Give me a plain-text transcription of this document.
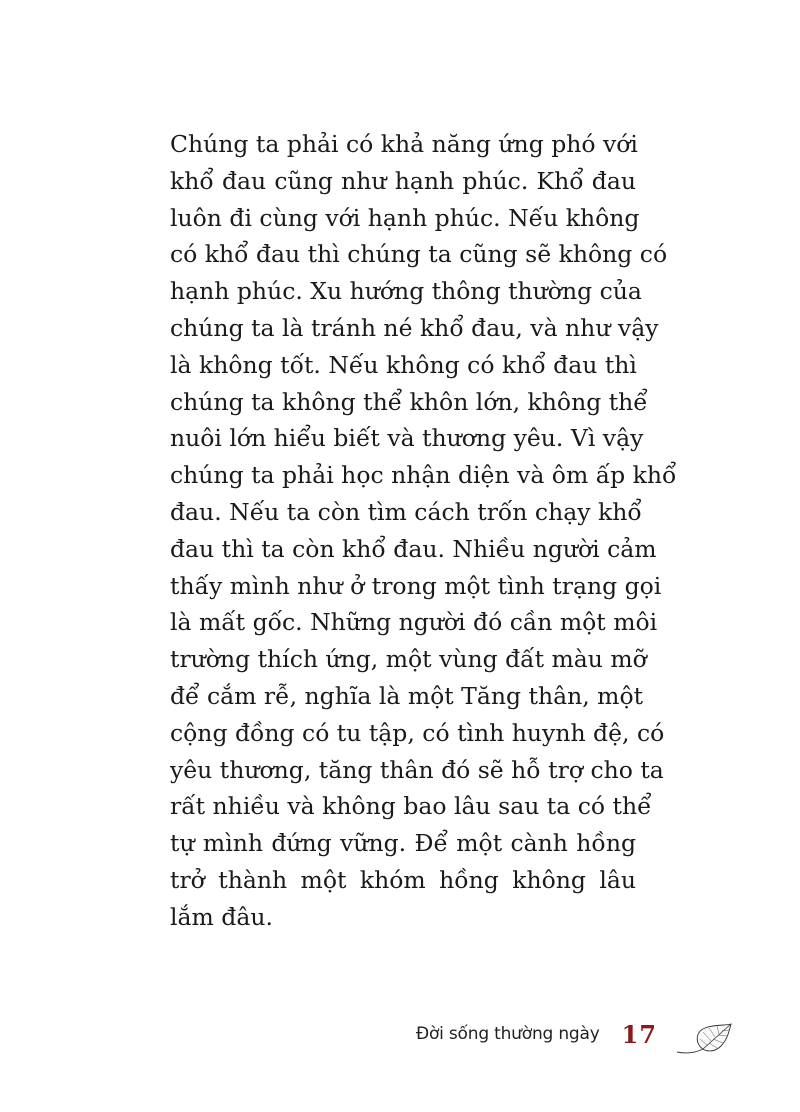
Chúng ta phải có khả năng ứng phó với
khổ đau cũng như hạnh phúc. Khổ đau
luôn đi cùng với hạnh phúc. Nếu không
có khổ đau thì chúng ta cũng sẽ không có
hạnh phúc. Xu hướng thông thường của
chúng ta là tránh né khổ đau, và như vậy
là không tốt. Nếu không có khổ đau thì
chúng ta không thể khôn lớn, không thể
nuôi lớn hiểu biết và thương yêu. Vì vậy
chúng ta phải học nhận diện và ôm ấp khổ
đau. Nếu ta còn tìm cách trốn chạy khổ
đau thì ta còn khổ đau. Nhiều người cảm
thấy mình như ở trong một tình trạng gọi
là mất gốc. Những người đó cần một môi
trường thích ứng, một vùng đất màu mỡ
để cắm rễ, nghĩa là một Tăng thân, một
cộng đồng có tu tập, có tình huynh đệ, có
yêu thương, tăng thân đó sẽ hỗ trợ cho ta
rất nhiều và không bao lâu sau ta có thể
tự mình đứng vững. Để một cành hồng
trở thành một khóm hồng không lâu
lắm đâu.
Đời sống thường ngày 17
